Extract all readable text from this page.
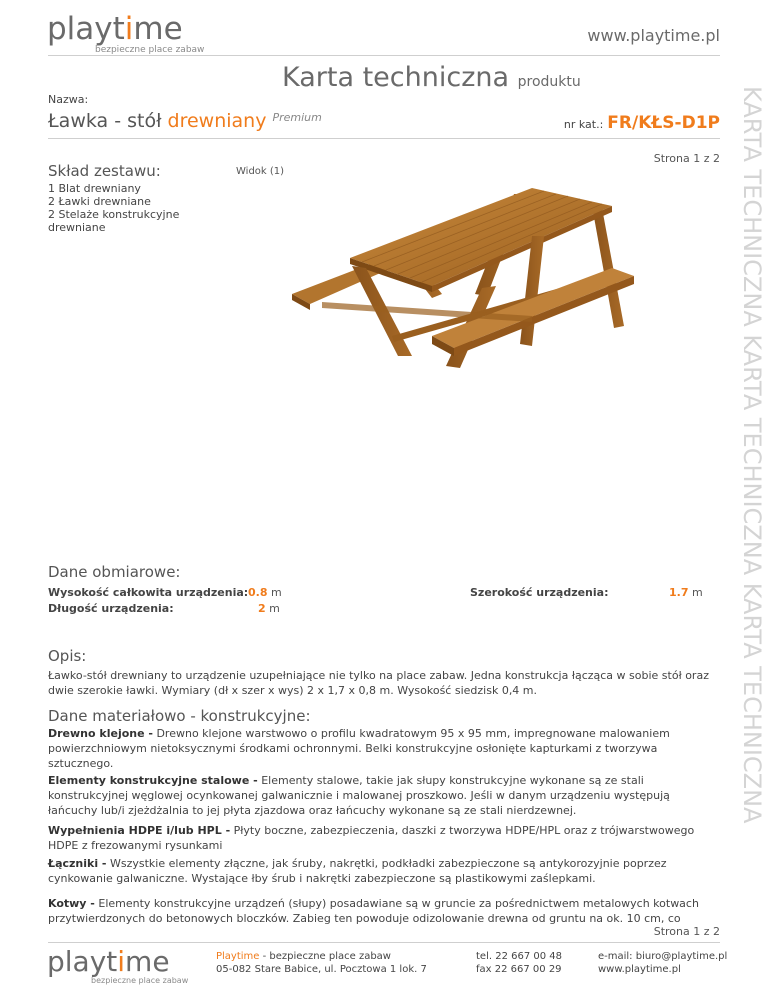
playtime
bezpieczne place zabaw
www.playtime.pl
Karta techniczna produktu
Nazwa:
Ławka - stół drewniany $^{Premium}$
nr kat.: FR/KŁS-D1P
Strona 1 z 2
Skład zestawu:
1 Blat drewniany
2 Ławki drewniane
2 Stelaże konstrukcyjne drewniane
Widok (1)	KARTA TECHNICZNA KARTA TECHNICZNA KARTA TECHNICZNA
Dane obmiarowe:
Wysokość całkowita urządzenia: 0.8 m
Długość urządzenia:	2 m
Szerokość urządzenia:	1.7 m
Opis:
Ławko-stół drewniany to urządzenie uzupełniające nie tylko na place zabaw. Jedna konstrukcja łącząca w sobie stół oraz dwie szerokie ławki. Wymiary (dł x szer x wys) 2 x 1,7 x 0,8 m. Wysokość siedzisk 0,4 m.
Dane materiałowo - konstrukcyjne:
Drewno klejone - Drewno klejone warstwowo o profilu kwadratowym 95 x 95 mm, impregnowane malowaniem powierzchniowym nietoksycznymi środkami ochronnymi. Belki konstrukcyjne osłonięte kapturkami z tworzywa sztucznego.
Elementy konstrukcyjne stalowe - Elementy stalowe, takie jak słupy konstrukcyjne wykonane są ze stali konstrukcyjnej węglowej ocynkowanej galwanicznie i malowanej proszkowo. Jeśli w danym urządzeniu występują łańcuchy lub/i zjeżdżalnia to jej płyta zjazdowa oraz łańcuchy wykonane są ze stali nierdzewnej.
Wypełnienia HDPE i/lub HPL - Płyty boczne, zabezpieczenia, daszki z tworzywa HDPE/HPL oraz z trójwarstwowego HDPE z frezowanymi rysunkami
Łączniki - Wszystkie elementy złączne, jak śruby, nakrętki, podkładki zabezpieczone są antykorozyjnie poprzez cynkowanie galwaniczne. Wystające łby śrub i nakrętki zabezpieczone są plastikowymi zaślepkami.
Kotwy - Elementy konstrukcyjne urządzeń (słupy) posadawiane są w gruncie za pośrednictwem metalowych kotwach przytwierdzonych do betonowych bloczków. Zabieg ten powoduje odizolowanie drewna od gruntu na ok. 10 cm, co
Strona 1 z 2
playtime
bezpieczne place zabaw
Playtime - bezpieczne place zabaw
05-082 Stare Babice, ul. Pocztowa 1 lok. 7
tel. 22 667 00 48
fax 22 667 00 29
e-mail: biuro@playtime.pl
www.playtime.pl
